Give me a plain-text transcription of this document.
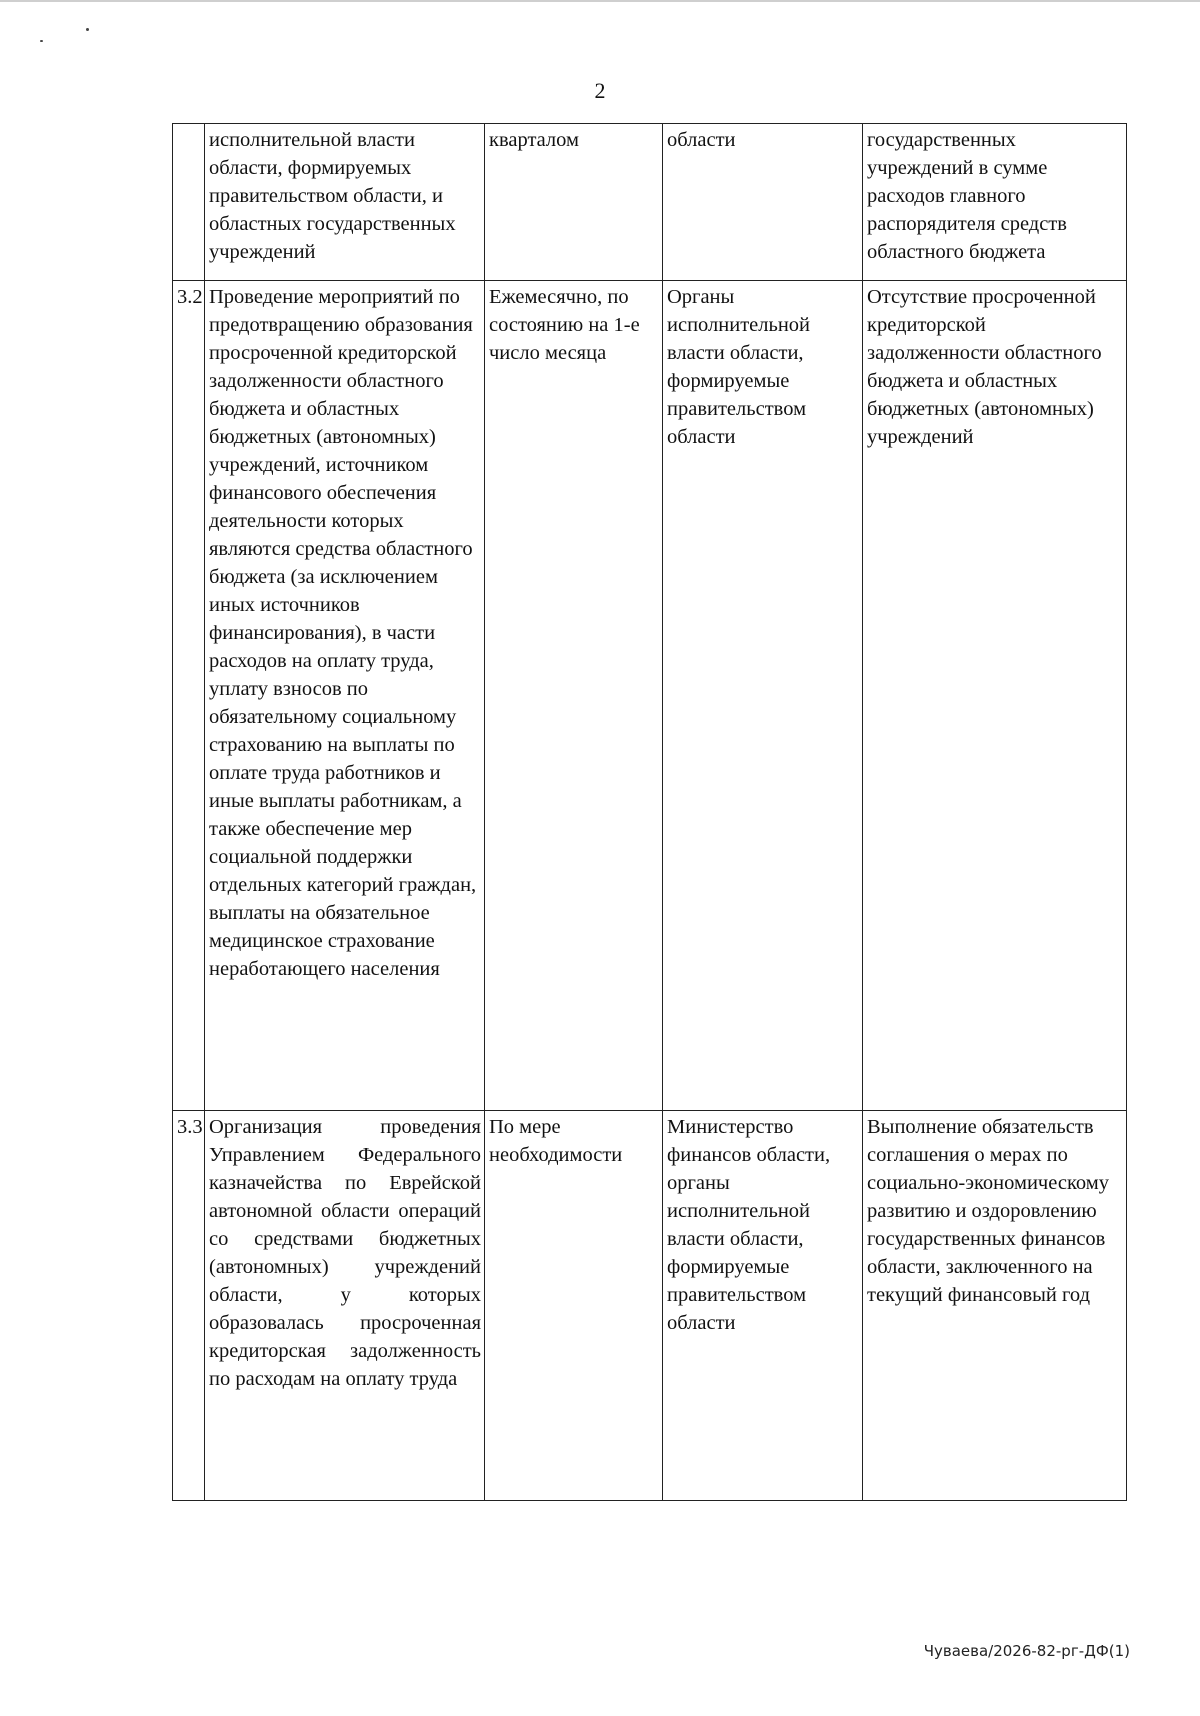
2
	исполнительной власти области, формируемых правительством области, и областных государственных учреждений	кварталом	области	государственных учреждений в сумме расходов главного распорядителя средств областного бюджета
3.2	Проведение мероприятий по предотвращению образования просроченной кредиторской задолженности областного бюджета и областных бюджетных (автономных) учреждений, источником финансового обеспечения деятельности которых являются средства областного бюджета (за исключением иных источников финансирования), в части расходов на оплату труда, уплату взносов по обязательному социальному страхованию на выплаты по оплате труда работников и иные выплаты работникам, а также обеспечение мер социальной поддержки отдельных категорий граждан, выплаты на обязательное медицинское страхование неработающего населения	Ежемесячно, по состоянию на 1-е число месяца	Органы исполнительной власти области, формируемые правительством области	Отсутствие просроченной кредиторской задолженности областного бюджета и областных бюджетных (автономных) учреждений
3.3	Организация проведения Управлением Федерального казначейства по Еврейской автономной области операций со средствами бюджетных (автономных) учреждений области, у которых образовалась просроченная кредиторская задолженность по расходам на оплату труда	По мере необходимости	Министерство финансов области, органы исполнительной власти области, формируемые правительством области	Выполнение обязательств соглашения о мерах по социально-экономическому развитию и оздоровлению государственных финансов области, заключенного на текущий финансовый год
Чуваева/2026-82-рг-ДФ(1)
